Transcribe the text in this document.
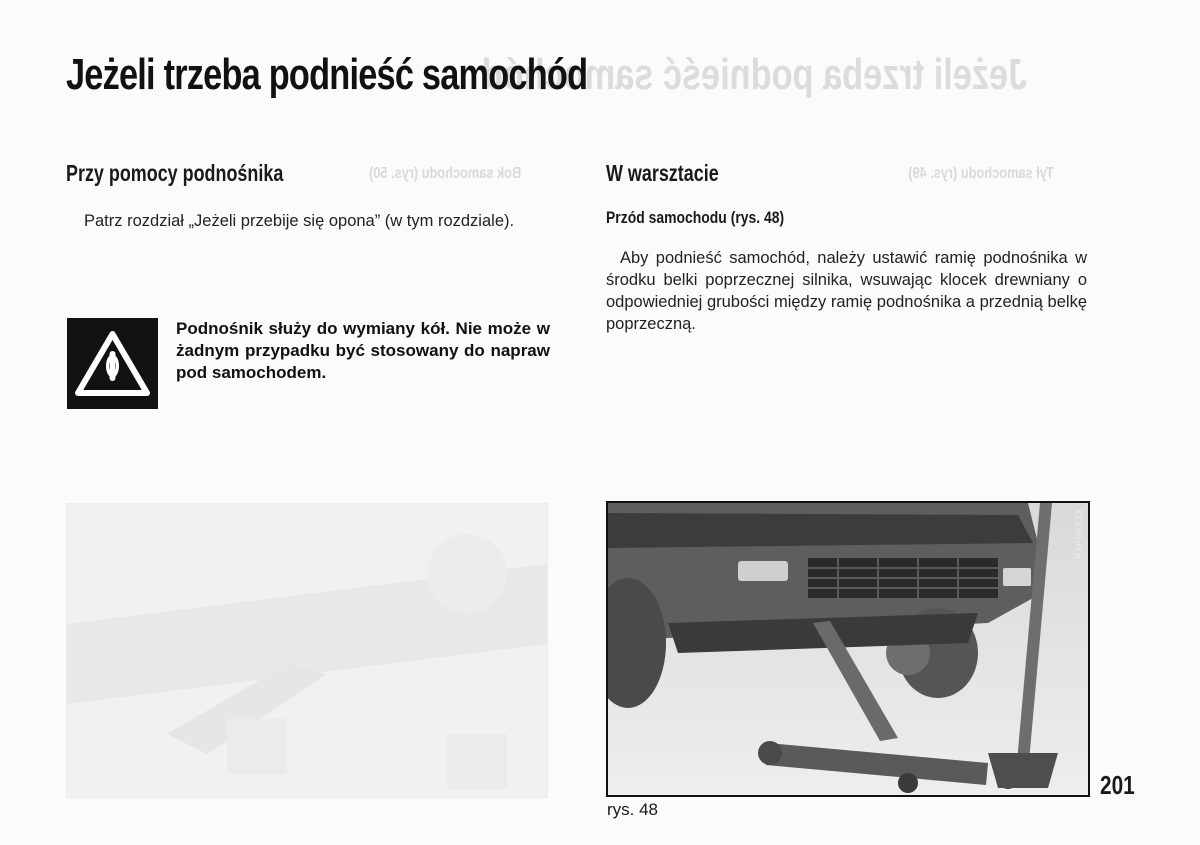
Jeżeli trzeba podnieść samochód
Bok samochodu (rys. 50)	Tył samochodu (rys. 49)
Jeżeli trzeba podnieść samochód
Przy pomocy podnośnika
Patrz rozdział „Jeżeli przebije się opona” (w tym rozdziale).
Podnośnik służy do wymiany kół. Nie może w żadnym przypadku być stosowany do napraw pod samochodem.
W warsztacie
Przód samochodu (rys. 48)
Aby podnieść samochód, należy ustawić ramię podnośnika w środku belki poprzecznej silnika, wsuwając klocek drewniany o odpowiedniej grubości między ramię podnośnika a przednią belkę poprzeczną.
P3P00333
rys. 48
201
